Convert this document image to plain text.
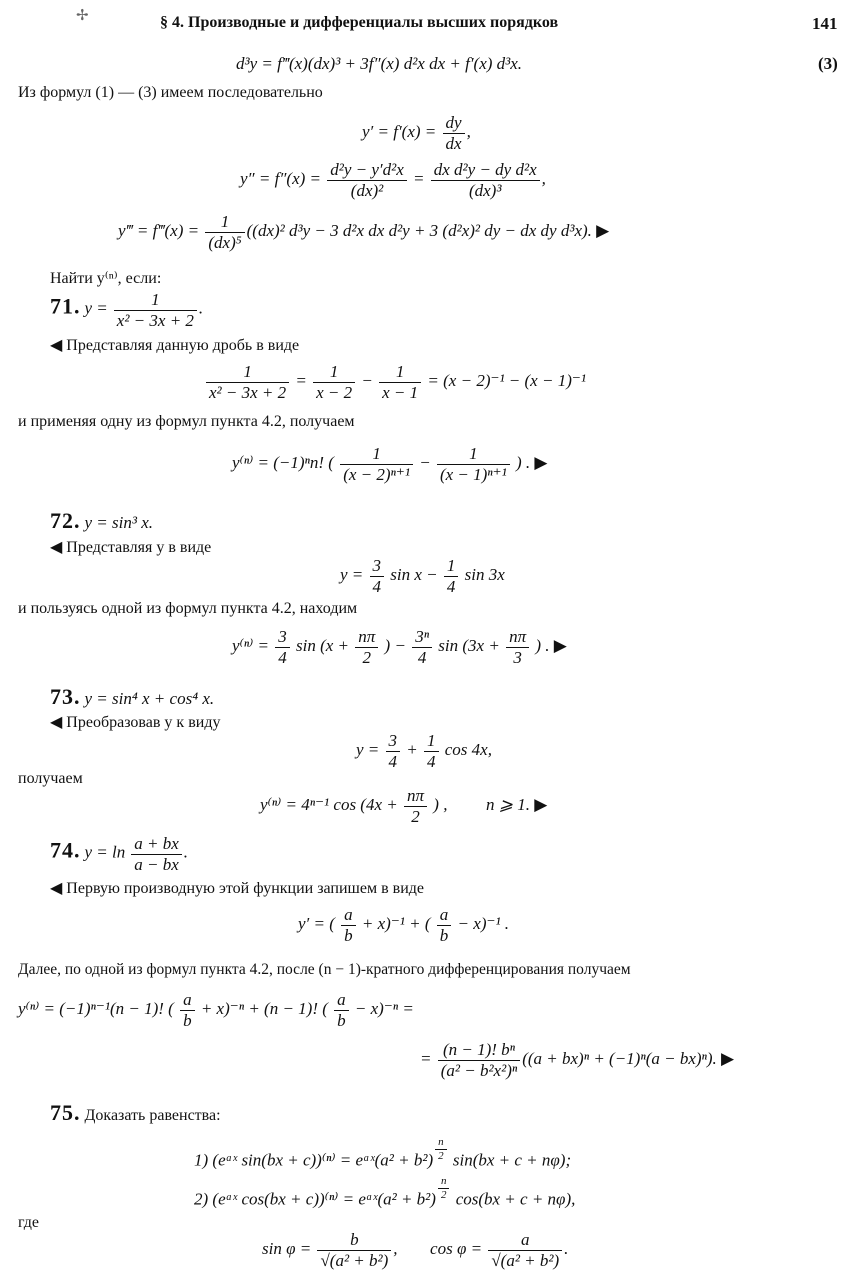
✢	§ 4. Производные и дифференциалы высших порядков	141
d³y = f‴(x)(dx)³ + 3f″(x) d²x dx + f′(x) d³x.	(3)
Из формул (1) — (3) имеем последовательно
$y' = f'(x) = \frac{dy}{dx}$ ,
$y'' = f''(x) = \frac{\text{d²y − y′d²x}}{\text{(dx)²}} = \frac{\text{dx d²y − dy d²x}}{\text{(dx)³}}$ ,
y‴ = f‴(x) = $\frac{1}{\text{(dx)⁵}} ((dx)^2$ d³y − 3 d²x dx d²y + 3 (d²x)² dy − dx dy d³x). ▶
Найти y⁽ⁿ⁾, если:
71. $y = \frac{1}{\text{x² − 3x + 2}}$ .
◀ Представляя данную дробь в виде
$\frac{1}{\text{x² − 3x + 2}} = \frac{1}{x - 2} - \frac{1}{x - 1} = (x - 2)^{-1} - (x - 1)^{-1}$
и применяя одну из формул пункта 4.2, получаем
y⁽ⁿ⁾ = (−1)ⁿn! ( $\frac{1}{\text{(x − 2)ⁿ⁺¹}} - \frac{1}{\text{(x − 1)ⁿ⁺¹}}$ ) . ▶
72. y = sin³ x.
◀ Представляя y в виде
$y = \frac{3}{4}$ $\sin x - \frac{1}{4}$ sin 3x
и пользуясь одной из формул пункта 4.2, находим
$y^{(n)} = \frac{3}{4}$ $\sin (x + \frac{n\pi}{2}$ ) − $\frac{\text{3ⁿ}}{4}$ $\sin (3x + \frac{n\pi}{3}$ ) . ▶
73. y = sin⁴ x + cos⁴ x.
◀ Преобразовав y к виду
$y = \frac{3}{4} + \frac{1}{4}$ cos 4x,
получаем
y⁽ⁿ⁾ = 4ⁿ⁻¹ $\cos (4x + \frac{n\pi}{2}$ ) , n ⩾ 1. ▶
74. $y = \ln \frac{a + bx}{a - bx}$ .
◀ Первую производную этой функции запишем в виде
y′ = ( $\frac{a}{b} + x)^{-1}$ + ( $\frac{a}{b} - x)^{-1}$ .
Далее, по одной из формул пункта 4.2, после (n − 1)-кратного дифференцирования получаем
y⁽ⁿ⁾ = (−1)ⁿ⁻¹(n − 1)! ( $\frac{a}{b} + x)^{-n} + (n - 1)$! ( $\frac{a}{b} - x)^{-n}$ =
= $\frac{\text{(n − 1)! bⁿ}}{\text{(a² − b²x²)ⁿ}} ((a + bx)^n + (-1)^n(a - bx)^n)$. ▶
75. Доказать равенства:
1) (eᵃˣ sin(bx + c))⁽ⁿ⁾ = eᵃˣ(a² + $b^2) \frac{n}{2} \sin(bx + c + n\varphi)$;
2) (eᵃˣ cos(bx + c))⁽ⁿ⁾ = eᵃˣ(a² + $b^2) \frac{n}{2} \cos(bx + c + n\varphi)$,
где
$\sin \varphi = \frac{b}{\text{√(a² + b²)}}$ , $\cos \varphi = \frac{a}{\text{√(a² + b²)}}$ .
